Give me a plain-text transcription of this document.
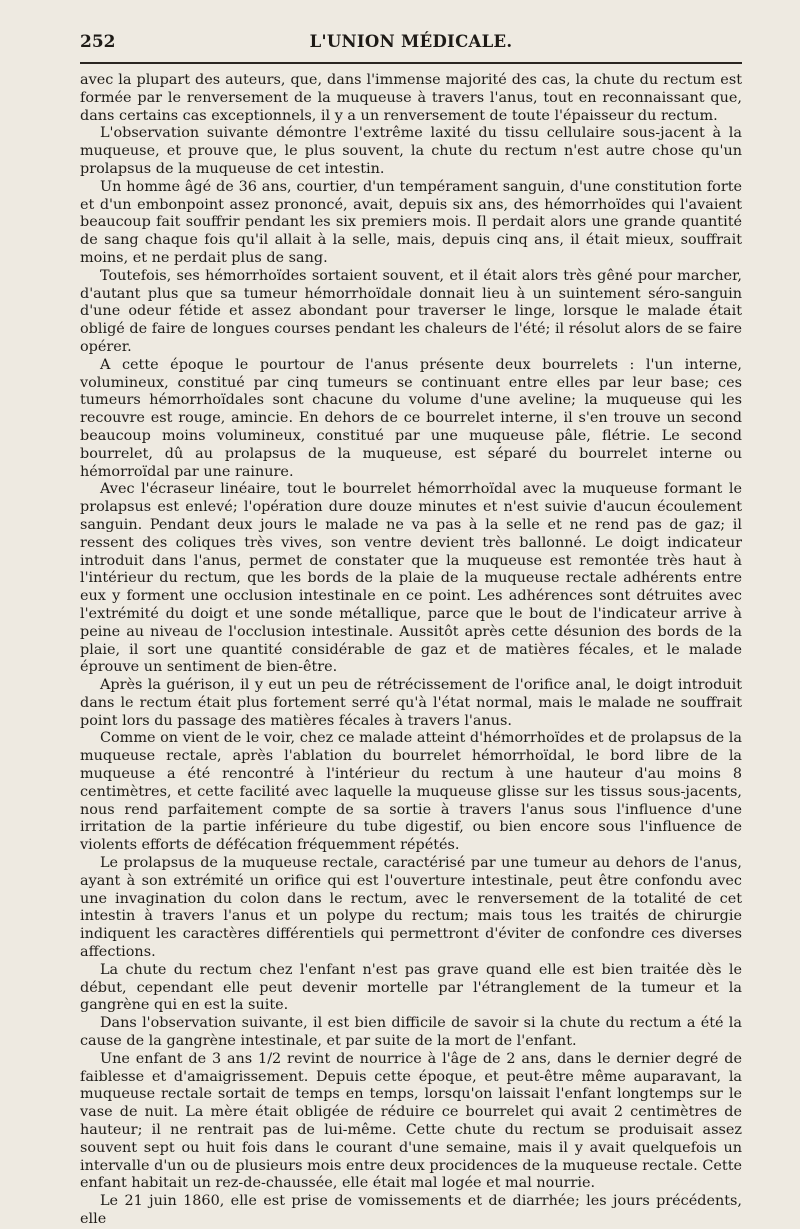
252	L'UNION MÉDICALE.

avec la plupart des auteurs, que, dans l'immense majorité des cas, la chute du rectum est formée par le renversement de la muqueuse à travers l'anus, tout en reconnaissant que, dans certains cas exceptionnels, il y a un renversement de toute l'épaisseur du rectum.

L'observation suivante démontre l'extrême laxité du tissu cellulaire sous-jacent à la muqueuse, et prouve que, le plus souvent, la chute du rectum n'est autre chose qu'un prolapsus de la muqueuse de cet intestin.

Un homme âgé de 36 ans, courtier, d'un tempérament sanguin, d'une constitution forte et d'un embonpoint assez prononcé, avait, depuis six ans, des hémorrhoïdes qui l'avaient beaucoup fait souffrir pendant les six premiers mois. Il perdait alors une grande quantité de sang chaque fois qu'il allait à la selle, mais, depuis cinq ans, il était mieux, souffrait moins, et ne perdait plus de sang.

Toutefois, ses hémorrhoïdes sortaient souvent, et il était alors très gêné pour marcher, d'autant plus que sa tumeur hémorrhoïdale donnait lieu à un suintement séro-sanguin d'une odeur fétide et assez abondant pour traverser le linge, lorsque le malade était obligé de faire de longues courses pendant les chaleurs de l'été; il résolut alors de se faire opérer.

A cette époque le pourtour de l'anus présente deux bourrelets : l'un interne, volumineux, constitué par cinq tumeurs se continuant entre elles par leur base; ces tumeurs hémorrhoïdales sont chacune du volume d'une aveline; la muqueuse qui les recouvre est rouge, amincie. En dehors de ce bourrelet interne, il s'en trouve un second beaucoup moins volumineux, constitué par une muqueuse pâle, flétrie. Le second bourrelet, dû au prolapsus de la muqueuse, est séparé du bourrelet interne ou hémorroïdal par une rainure.

Avec l'écraseur linéaire, tout le bourrelet hémorrhoïdal avec la muqueuse formant le prolapsus est enlevé; l'opération dure douze minutes et n'est suivie d'aucun écoulement sanguin. Pendant deux jours le malade ne va pas à la selle et ne rend pas de gaz; il ressent des coliques très vives, son ventre devient très ballonné. Le doigt indicateur introduit dans l'anus, permet de constater que la muqueuse est remontée très haut à l'intérieur du rectum, que les bords de la plaie de la muqueuse rectale adhérents entre eux y forment une occlusion intestinale en ce point. Les adhérences sont détruites avec l'extrémité du doigt et une sonde métallique, parce que le bout de l'indicateur arrive à peine au niveau de l'occlusion intestinale. Aussitôt après cette désunion des bords de la plaie, il sort une quantité considérable de gaz et de matières fécales, et le malade éprouve un sentiment de bien-être.

Après la guérison, il y eut un peu de rétrécissement de l'orifice anal, le doigt introduit dans le rectum était plus fortement serré qu'à l'état normal, mais le malade ne souffrait point lors du passage des matières fécales à travers l'anus.

Comme on vient de le voir, chez ce malade atteint d'hémorrhoïdes et de prolapsus de la muqueuse rectale, après l'ablation du bourrelet hémorrhoïdal, le bord libre de la muqueuse a été rencontré à l'intérieur du rectum à une hauteur d'au moins 8 centimètres, et cette facilité avec laquelle la muqueuse glisse sur les tissus sous-jacents, nous rend parfaitement compte de sa sortie à travers l'anus sous l'influence d'une irritation de la partie inférieure du tube digestif, ou bien encore sous l'influence de violents efforts de défécation fréquemment répétés.

Le prolapsus de la muqueuse rectale, caractérisé par une tumeur au dehors de l'anus, ayant à son extrémité un orifice qui est l'ouverture intestinale, peut être confondu avec une invagination du colon dans le rectum, avec le renversement de la totalité de cet intestin à travers l'anus et un polype du rectum; mais tous les traités de chirurgie indiquent les caractères différentiels qui permettront d'éviter de confondre ces diverses affections.

La chute du rectum chez l'enfant n'est pas grave quand elle est bien traitée dès le début, cependant elle peut devenir mortelle par l'étranglement de la tumeur et la gangrène qui en est la suite.

Dans l'observation suivante, il est bien difficile de savoir si la chute du rectum a été la cause de la gangrène intestinale, et par suite de la mort de l'enfant.

Une enfant de 3 ans 1/2 revint de nourrice à l'âge de 2 ans, dans le dernier degré de faiblesse et d'amaigrissement. Depuis cette époque, et peut-être même auparavant, la muqueuse rectale sortait de temps en temps, lorsqu'on laissait l'enfant longtemps sur le vase de nuit. La mère était obligée de réduire ce bourrelet qui avait 2 centimètres de hauteur; il ne rentrait pas de lui-même. Cette chute du rectum se produisait assez souvent sept ou huit fois dans le courant d'une semaine, mais il y avait quelquefois un intervalle d'un ou de plusieurs mois entre deux procidences de la muqueuse rectale. Cette enfant habitait un rez-de-chaussée, elle était mal logée et mal nourrie.

Le 21 juin 1860, elle est prise de vomissements et de diarrhée; les jours précédents, elle
